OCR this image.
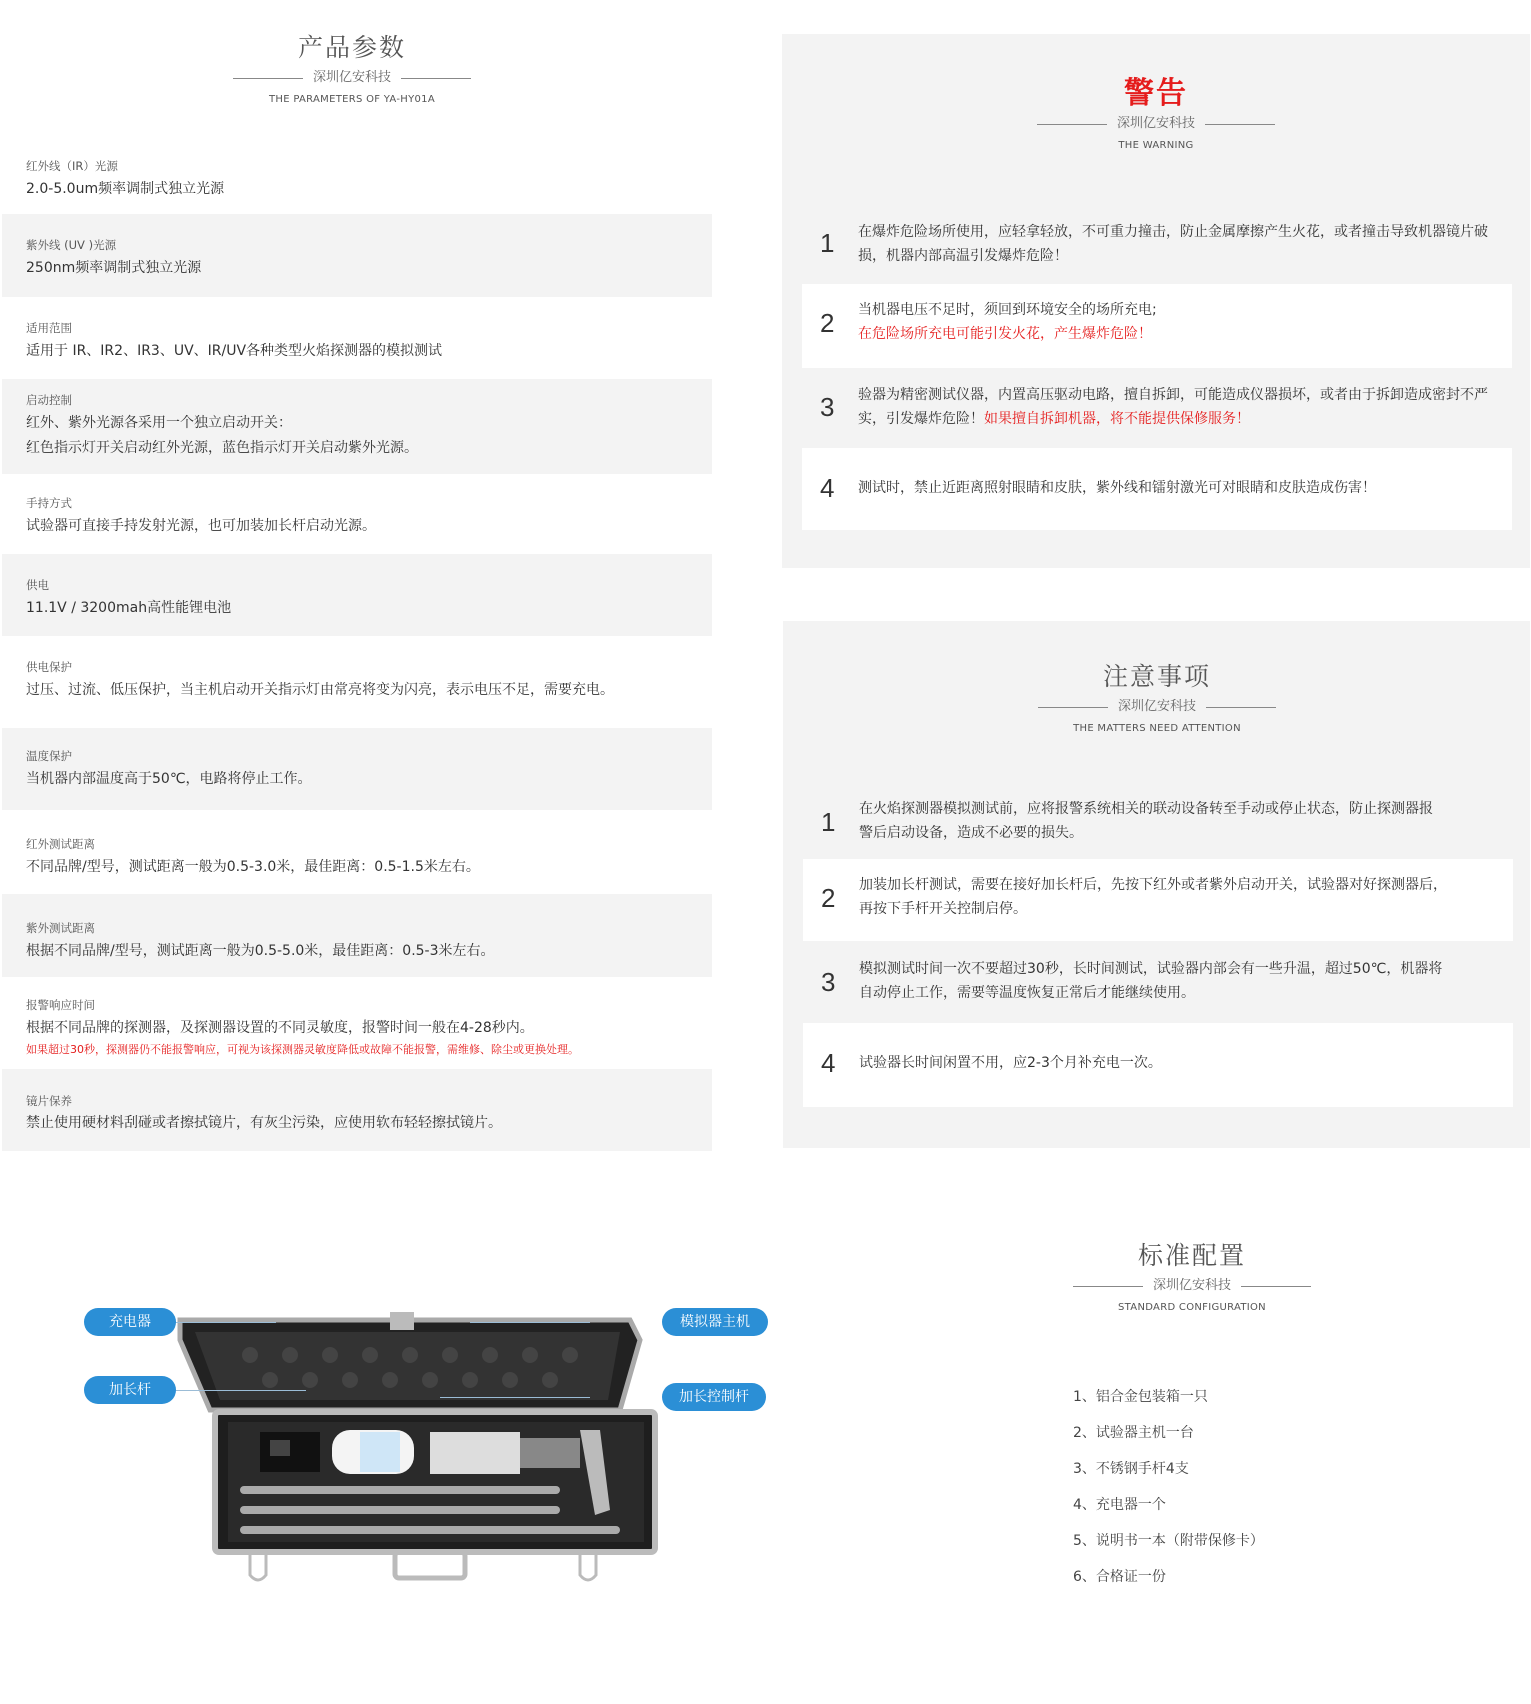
产品参数
深圳亿安科技
THE PARAMETERS OF YA-HY01A
红外线（IR）光源
2.0-5.0um频率调制式独立光源
紫外线 (UV )光源
250nm频率调制式独立光源
适用范围
适用于 IR、IR2、IR3、UV、IR/UV各种类型火焰探测器的模拟测试
启动控制
红外、紫外光源各采用一个独立启动开关：
红色指示灯开关启动红外光源，蓝色指示灯开关启动紫外光源。
手持方式
试验器可直接手持发射光源，也可加装加长杆启动光源。
供电
11.1V / 3200mah高性能锂电池
供电保护
过压、过流、低压保护，当主机启动开关指示灯由常亮将变为闪亮，表示电压不足，需要充电。
温度保护
当机器内部温度高于50℃，电路将停止工作。
红外测试距离
不同品牌/型号，测试距离一般为0.5-3.0米，最佳距离：0.5-1.5米左右。
紫外测试距离
根据不同品牌/型号，测试距离一般为0.5-5.0米，最佳距离：0.5-3米左右。
报警响应时间
根据不同品牌的探测器，及探测器设置的不同灵敏度，报警时间一般在4-28秒内。
如果超过30秒，探测器仍不能报警响应，可视为该探测器灵敏度降低或故障不能报警，需维修、除尘或更换处理。
镜片保养
禁止使用硬材料刮碰或者擦拭镜片，有灰尘污染，应使用软布轻轻擦拭镜片。
警告
深圳亿安科技
THE WARNING
1 在爆炸危险场所使用，应轻拿轻放，不可重力撞击，防止金属摩擦产生火花，或者撞击导致机器镜片破
损，机器内部高温引发爆炸危险！
2 当机器电压不足时，须回到环境安全的场所充电;
在危险场所充电可能引发火花，产生爆炸危险！
3 验器为精密测试仪器，内置高压驱动电路，擅自拆卸，可能造成仪器损坏，或者由于拆卸造成密封不严
实，引发爆炸危险！如果擅自拆卸机器，将不能提供保修服务！
4 测试时，禁止近距离照射眼睛和皮肤，紫外线和镭射激光可对眼睛和皮肤造成伤害！
注意事项
深圳亿安科技
THE MATTERS NEED ATTENTION
1 在火焰探测器模拟测试前，应将报警系统相关的联动设备转至手动或停止状态，防止探测器报
警后启动设备，造成不必要的损失。
2 加装加长杆测试，需要在接好加长杆后，先按下红外或者紫外启动开关，试验器对好探测器后，
再按下手杆开关控制启停。
3 模拟测试时间一次不要超过30秒，长时间测试，试验器内部会有一些升温，超过50℃，机器将
自动停止工作，需要等温度恢复正常后才能继续使用。
4 试验器长时间闲置不用，应2-3个月补充电一次。
充电器
加长杆
模拟器主机
加长控制杆
标准配置
深圳亿安科技
STANDARD CONFIGURATION
1、铝合金包装箱一只
2、试验器主机一台
3、不锈钢手杆4支
4、充电器一个
5、说明书一本（附带保修卡）
6、合格证一份
